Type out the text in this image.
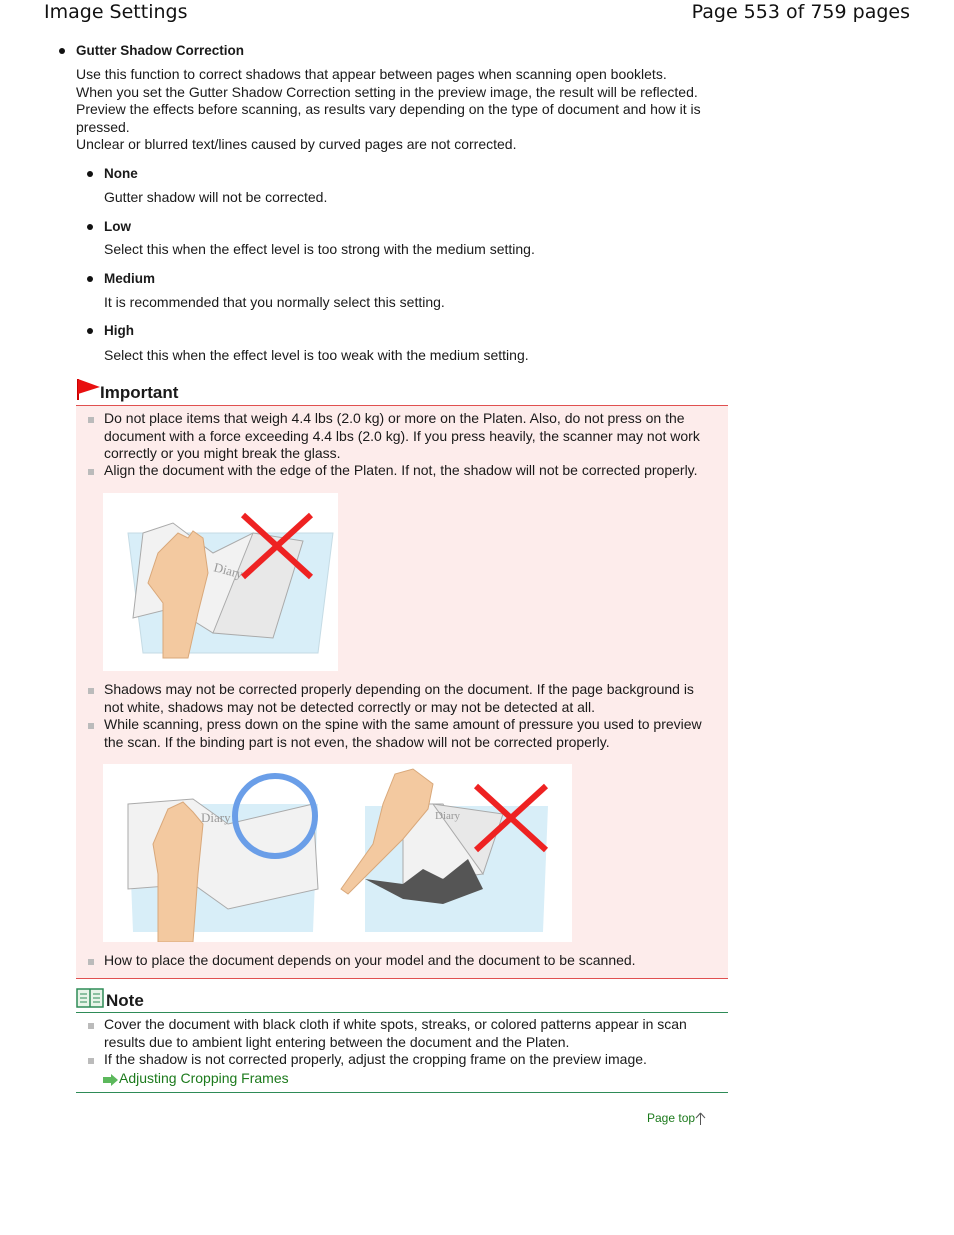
Image Settings	Page 553 of 759 pages
Gutter Shadow Correction
Use this function to correct shadows that appear between pages when scanning open booklets.
When you set the Gutter Shadow Correction setting in the preview image, the result will be reflected.
Preview the effects before scanning, as results vary depending on the type of document and how it is
pressed.
Unclear or blurred text/lines caused by curved pages are not corrected.
None
Gutter shadow will not be corrected.
Low
Select this when the effect level is too strong with the medium setting.
Medium
It is recommended that you normally select this setting.
High
Select this when the effect level is too weak with the medium setting.
Important
Do not place items that weigh 4.4 lbs (2.0 kg) or more on the Platen. Also, do not press on the
document with a force exceeding 4.4 lbs (2.0 kg). If you press heavily, the scanner may not work
correctly or you might break the glass.
Align the document with the edge of the Platen. If not, the shadow will not be corrected properly.
Diary
Shadows may not be corrected properly depending on the document. If the page background is
not white, shadows may not be detected correctly or may not be detected at all.
While scanning, press down on the spine with the same amount of pressure you used to preview
the scan. If the binding part is not even, the shadow will not be corrected properly.
Diary	Diary
How to place the document depends on your model and the document to be scanned.
Note
Cover the document with black cloth if white spots, streaks, or colored patterns appear in scan
results due to ambient light entering between the document and the Platen.
If the shadow is not corrected properly, adjust the cropping frame on the preview image.
Adjusting Cropping Frames
Page top
